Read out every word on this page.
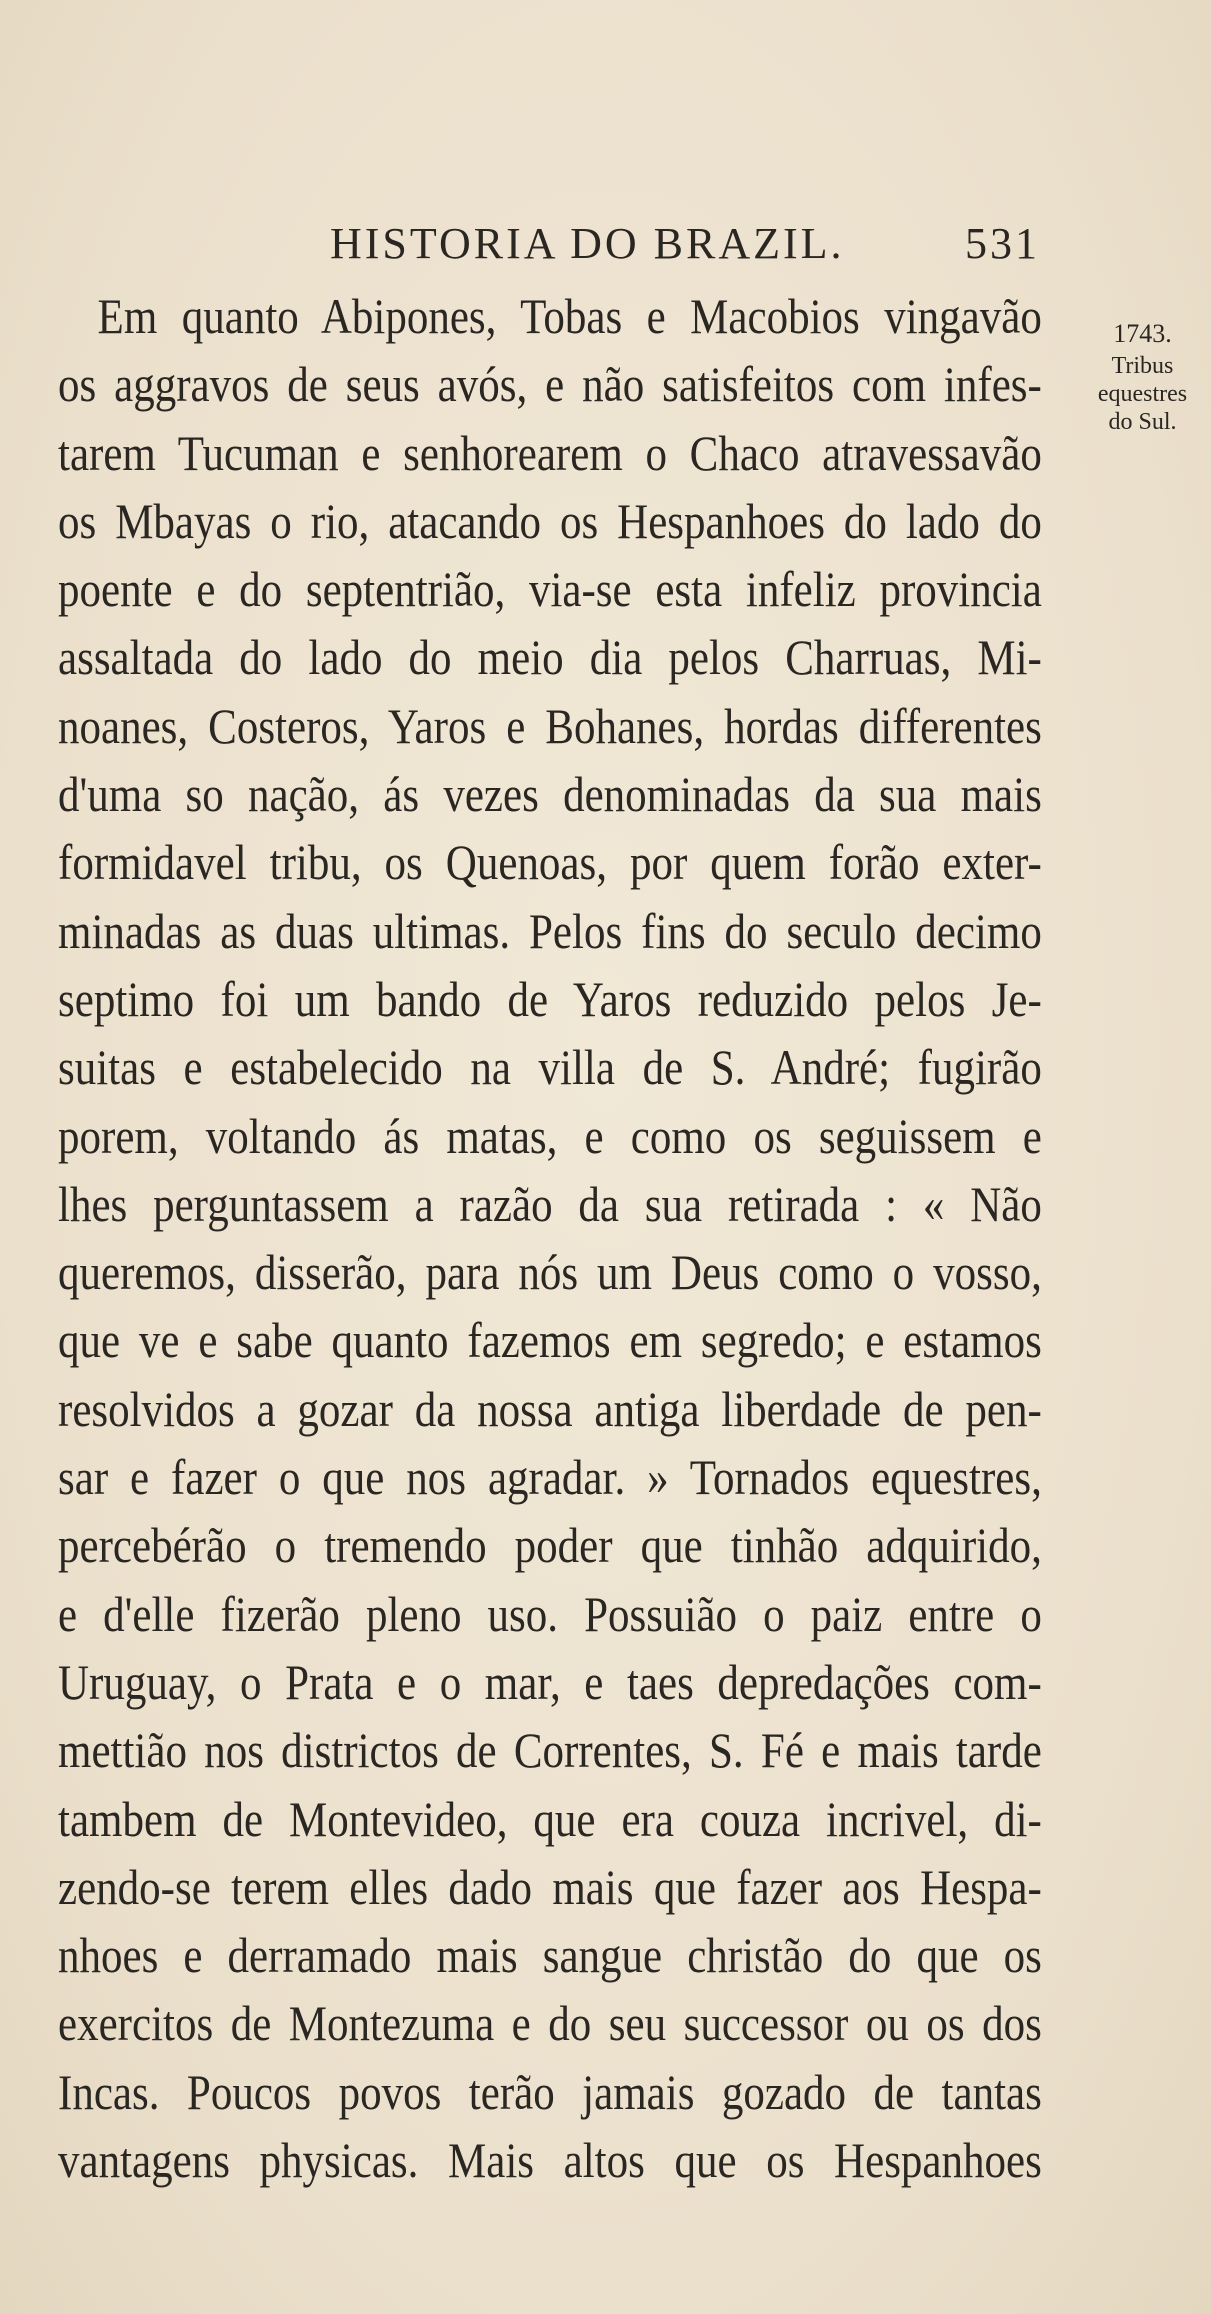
HISTORIA DO BRAZIL.	531
1743.
Tribus
equestres
do Sul.
Em quanto Abipones, Tobas e Macobios vingavão
os aggravos de seus avós, e não satisfeitos com infes-
tarem Tucuman e senhorearem o Chaco atravessavão
os Mbayas o rio, atacando os Hespanhoes do lado do
poente e do septentrião, via-se esta infeliz provincia
assaltada do lado do meio dia pelos Charruas, Mi-
noanes, Costeros, Yaros e Bohanes, hordas differentes
d'uma so nação, ás vezes denominadas da sua mais
formidavel tribu, os Quenoas, por quem forão exter-
minadas as duas ultimas. Pelos fins do seculo decimo
septimo foi um bando de Yaros reduzido pelos Je-
suitas e estabelecido na villa de S. André; fugirão
porem, voltando ás matas, e como os seguissem e
lhes perguntassem a razão da sua retirada : « Não
queremos, disserão, para nós um Deus como o vosso,
que ve e sabe quanto fazemos em segredo; e estamos
resolvidos a gozar da nossa antiga liberdade de pen-
sar e fazer o que nos agradar. » Tornados equestres,
percebérão o tremendo poder que tinhão adquirido,
e d'elle fizerão pleno uso. Possuião o paiz entre o
Uruguay, o Prata e o mar, e taes depredações com-
mettião nos districtos de Correntes, S. Fé e mais tarde
tambem de Montevideo, que era couza incrivel, di-
zendo-se terem elles dado mais que fazer aos Hespa-
nhoes e derramado mais sangue christão do que os
exercitos de Montezuma e do seu successor ou os dos
Incas. Poucos povos terão jamais gozado de tantas
vantagens physicas. Mais altos que os Hespanhoes
